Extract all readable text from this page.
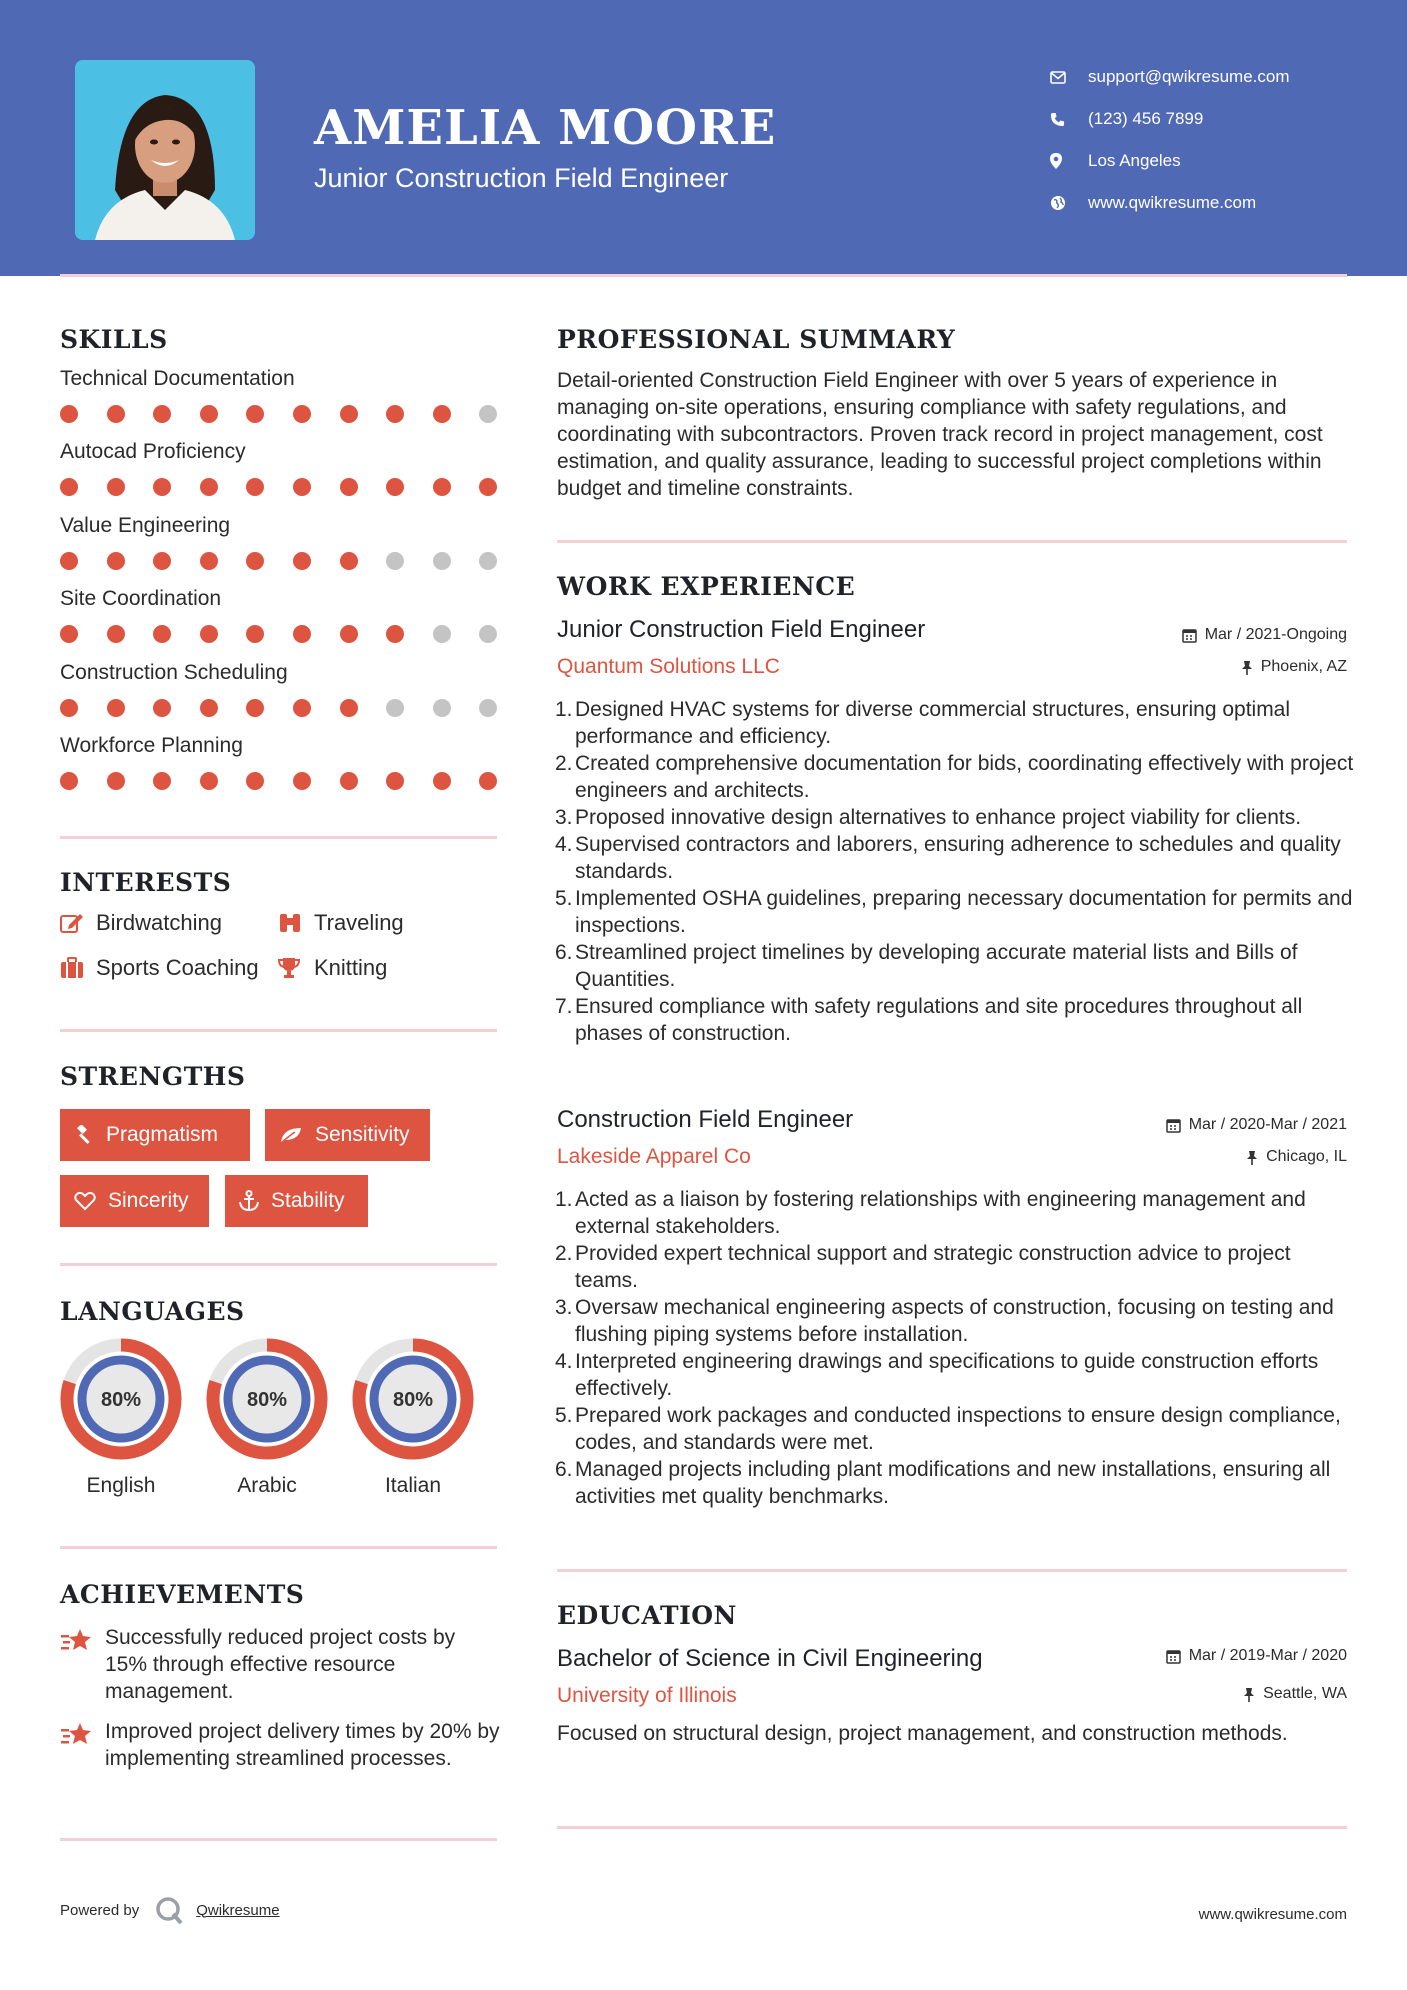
AMELIA MOORE
Junior Construction Field Engineer
support@qwikresume.com
(123) 456 7899
Los Angeles
www.qwikresume.com
SKILLS
Technical Documentation
Autocad Proficiency
Value Engineering
Site Coordination
Construction Scheduling
Workforce Planning
INTERESTS
Birdwatching	Traveling
Sports Coaching	Knitting
STRENGTHS
Pragmatism	Sensitivity
Sincerity	Stability
LANGUAGES
80%
English
80%
Arabic
80%
Italian
ACHIEVEMENTS
Successfully reduced project costs by 15% through effective resource management.
Improved project delivery times by 20% by implementing streamlined processes.
PROFESSIONAL SUMMARY
Detail-oriented Construction Field Engineer with over 5 years of experience in managing on-site operations, ensuring compliance with safety regulations, and coordinating with subcontractors. Proven track record in project management, cost estimation, and quality assurance, leading to successful project completions within budget and timeline constraints.
WORK EXPERIENCE
Junior Construction Field Engineer	Mar / 2021-Ongoing
Quantum Solutions LLC	Phoenix, AZ
1. Designed HVAC systems for diverse commercial structures, ensuring optimal performance and efficiency.
2. Created comprehensive documentation for bids, coordinating effectively with project engineers and architects.
3. Proposed innovative design alternatives to enhance project viability for clients.
4. Supervised contractors and laborers, ensuring adherence to schedules and quality standards.
5. Implemented OSHA guidelines, preparing necessary documentation for permits and inspections.
6. Streamlined project timelines by developing accurate material lists and Bills of Quantities.
7. Ensured compliance with safety regulations and site procedures throughout all phases of construction.
Construction Field Engineer	Mar / 2020-Mar / 2021
Lakeside Apparel Co	Chicago, IL
1. Acted as a liaison by fostering relationships with engineering management and external stakeholders.
2. Provided expert technical support and strategic construction advice to project teams.
3. Oversaw mechanical engineering aspects of construction, focusing on testing and flushing piping systems before installation.
4. Interpreted engineering drawings and specifications to guide construction efforts effectively.
5. Prepared work packages and conducted inspections to ensure design compliance, codes, and standards were met.
6. Managed projects including plant modifications and new installations, ensuring all activities met quality benchmarks.
EDUCATION
Bachelor of Science in Civil Engineering	Mar / 2019-Mar / 2020
University of Illinois	Seattle, WA
Focused on structural design, project management, and construction methods.
Powered by	Qwikresume	www.qwikresume.com
